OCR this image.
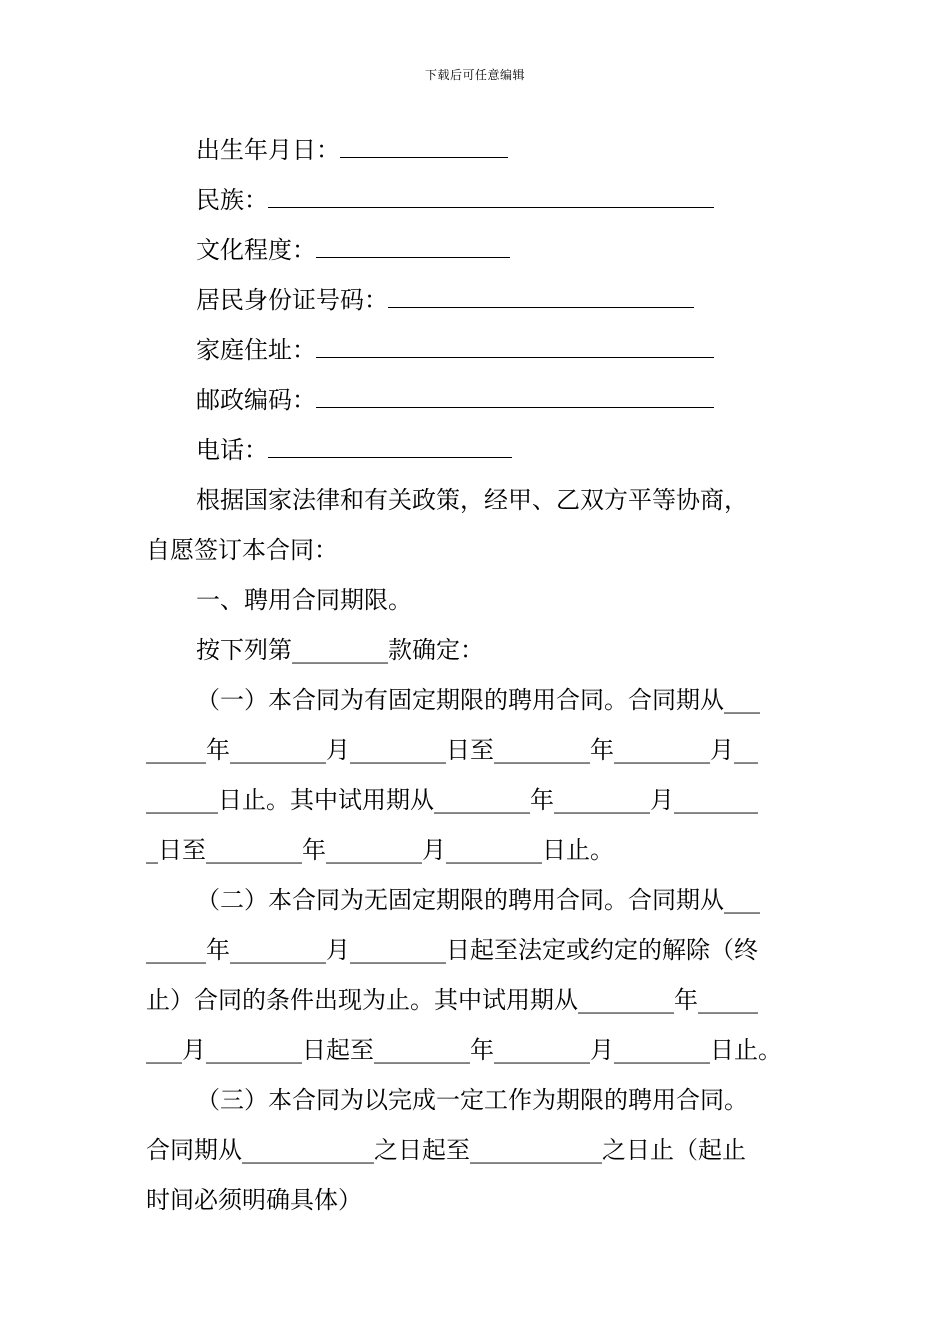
下载后可任意编辑
出生年月日：
民族：
文化程度：
居民身份证号码：
家庭住址：
邮政编码：
电话：
根据国家法律和有关政策，经甲、乙双方平等协商，
自愿签订本合同：
一、聘用合同期限。
按下列第________款确定：
（一）本合同为有固定期限的聘用合同。合同期从___
_____年________月________日至________年________月__
______日止。其中试用期从________年________月_______
_日至________年________月________日止。
（二）本合同为无固定期限的聘用合同。合同期从___
_____年________月________日起至法定或约定的解除（终
止）合同的条件出现为止。其中试用期从________年_____
___月________日起至________年________月________日止。
（三）本合同为以完成一定工作为期限的聘用合同。
合同期从___________之日起至___________之日止（起止
时间必须明确具体）
